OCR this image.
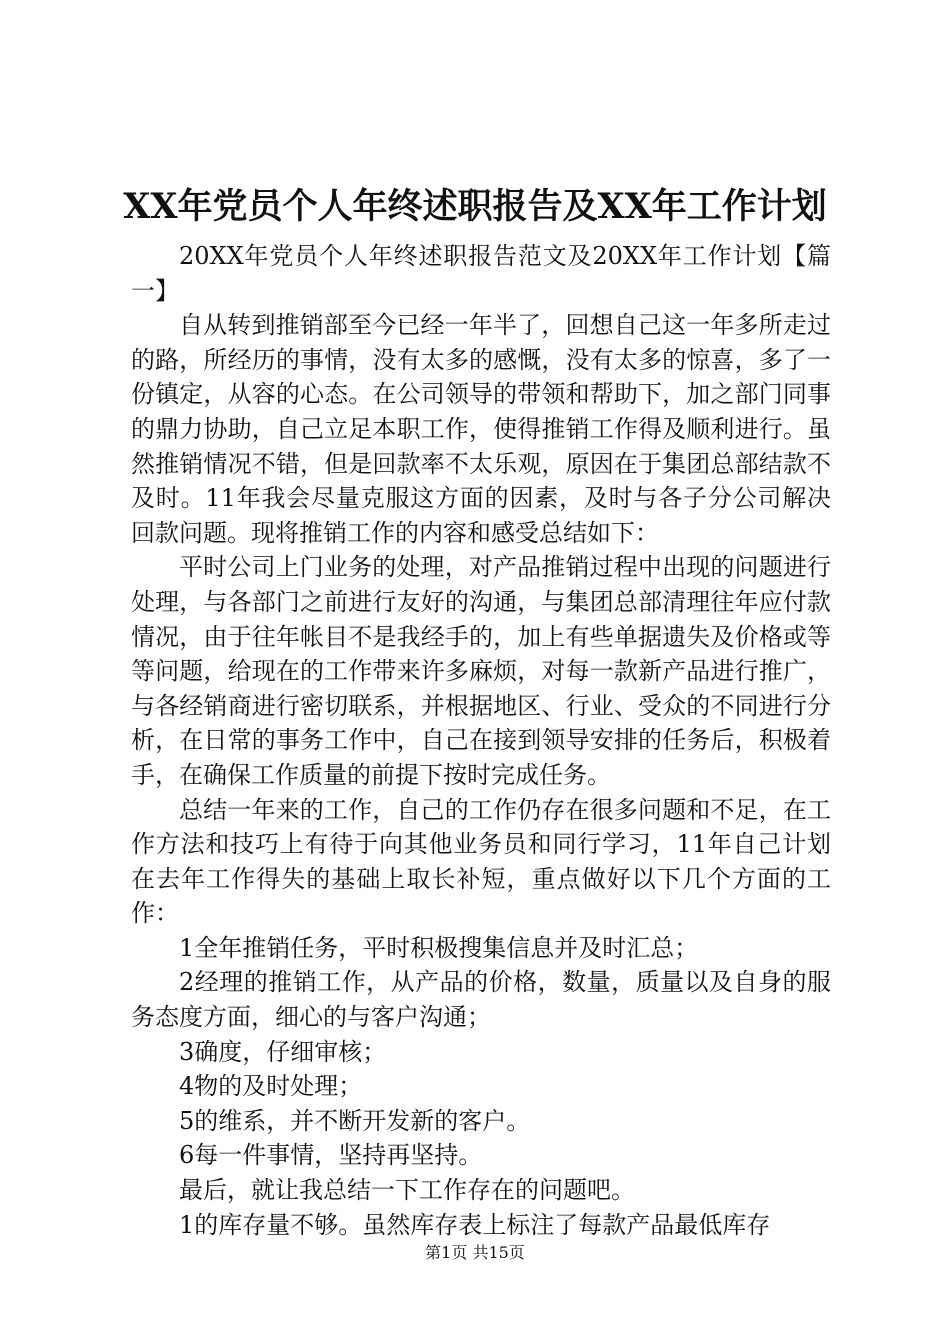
XX年党员个人年终述职报告及XX年工作计划

20XX年党员个人年终述职报告范文及20XX年工作计划【篇一】

自从转到推销部至今已经一年半了，回想自己这一年多所走过的路，所经历的事情，没有太多的感慨，没有太多的惊喜，多了一份镇定，从容的心态。在公司领导的带领和帮助下，加之部门同事的鼎力协助，自己立足本职工作，使得推销工作得及顺利进行。虽然推销情况不错，但是回款率不太乐观，原因在于集团总部结款不及时。11年我会尽量克服这方面的因素，及时与各子分公司解决回款问题。现将推销工作的内容和感受总结如下：

平时公司上门业务的处理，对产品推销过程中出现的问题进行处理，与各部门之前进行友好的沟通，与集团总部清理往年应付款情况，由于往年帐目不是我经手的，加上有些单据遗失及价格或等等问题，给现在的工作带来许多麻烦，对每一款新产品进行推广，与各经销商进行密切联系，并根据地区、行业、受众的不同进行分析，在日常的事务工作中，自己在接到领导安排的任务后，积极着手，在确保工作质量的前提下按时完成任务。

总结一年来的工作，自己的工作仍存在很多问题和不足，在工作方法和技巧上有待于向其他业务员和同行学习，11年自己计划在去年工作得失的基础上取长补短，重点做好以下几个方面的工作：

1全年推销任务，平时积极搜集信息并及时汇总；

2经理的推销工作，从产品的价格，数量，质量以及自身的服务态度方面，细心的与客户沟通；

3确度，仔细审核；

4物的及时处理；

5的维系，并不断开发新的客户。

6每一件事情，坚持再坚持。

最后，就让我总结一下工作存在的问题吧。

1的库存量不够。虽然库存表上标注了每款产品最低库存

第1页 共15页
